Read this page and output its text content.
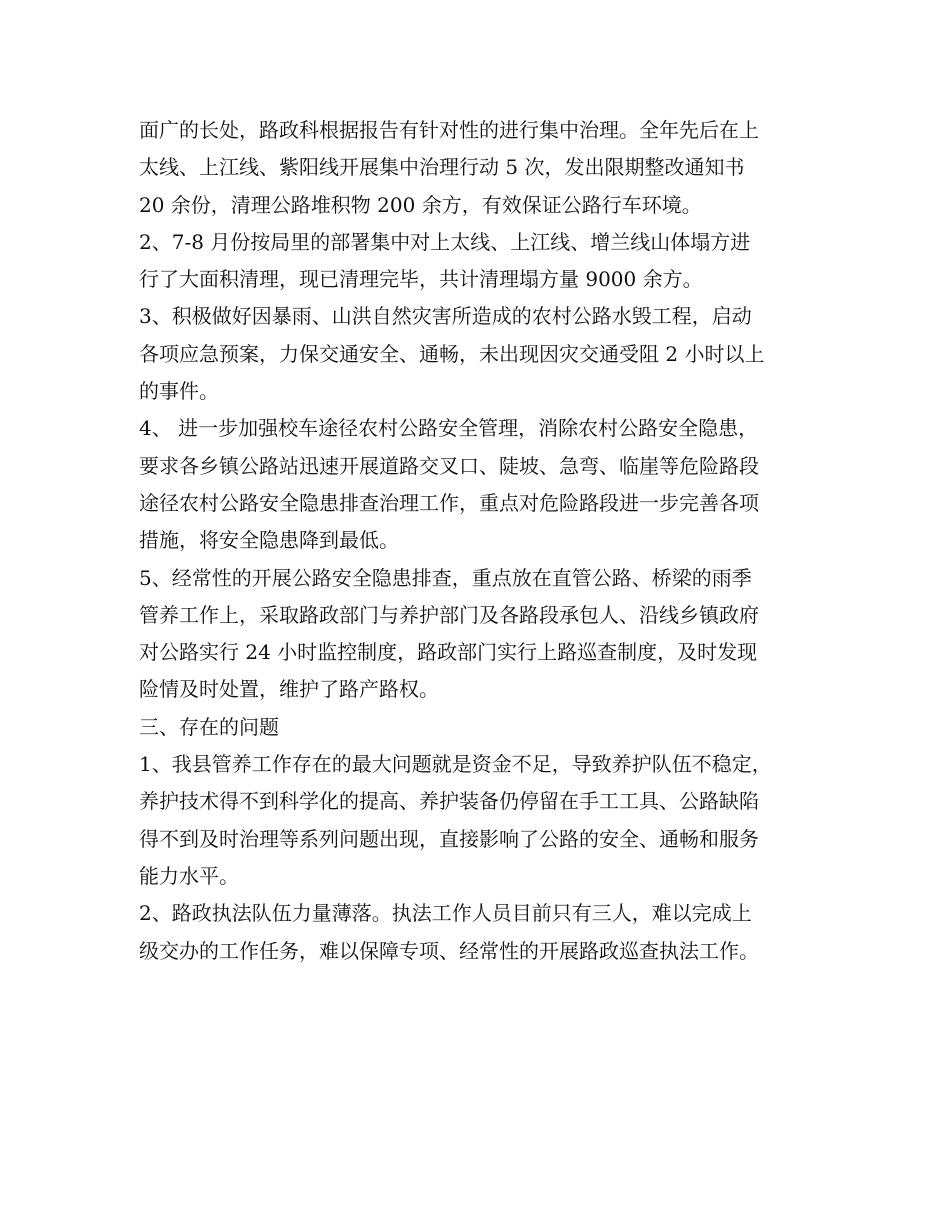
面广的长处，路政科根据报告有针对性的进行集中治理。全年先后在上
太线、上江线、紫阳线开展集中治理行动 5 次，发出限期整改通知书
20 余份，清理公路堆积物 200 余方，有效保证公路行车环境。
2、7-8 月份按局里的部署集中对上太线、上江线、增兰线山体塌方进
行了大面积清理，现已清理完毕，共计清理塌方量 9000 余方。
3、积极做好因暴雨、山洪自然灾害所造成的农村公路水毁工程，启动
各项应急预案，力保交通安全、通畅，未出现因灾交通受阻 2 小时以上
的事件。
4、 进一步加强校车途径农村公路安全管理，消除农村公路安全隐患，
要求各乡镇公路站迅速开展道路交叉口、陡坡、急弯、临崖等危险路段
途径农村公路安全隐患排查治理工作，重点对危险路段进一步完善各项
措施，将安全隐患降到最低。
5、经常性的开展公路安全隐患排查，重点放在直管公路、桥梁的雨季
管养工作上，采取路政部门与养护部门及各路段承包人、沿线乡镇政府
对公路实行 24 小时监控制度，路政部门实行上路巡查制度，及时发现
险情及时处置，维护了路产路权。
三、存在的问题
1、我县管养工作存在的最大问题就是资金不足，导致养护队伍不稳定，
养护技术得不到科学化的提高、养护装备仍停留在手工工具、公路缺陷
得不到及时治理等系列问题出现，直接影响了公路的安全、通畅和服务
能力水平。
2、路政执法队伍力量薄落。执法工作人员目前只有三人，难以完成上
级交办的工作任务，难以保障专项、经常性的开展路政巡查执法工作。
